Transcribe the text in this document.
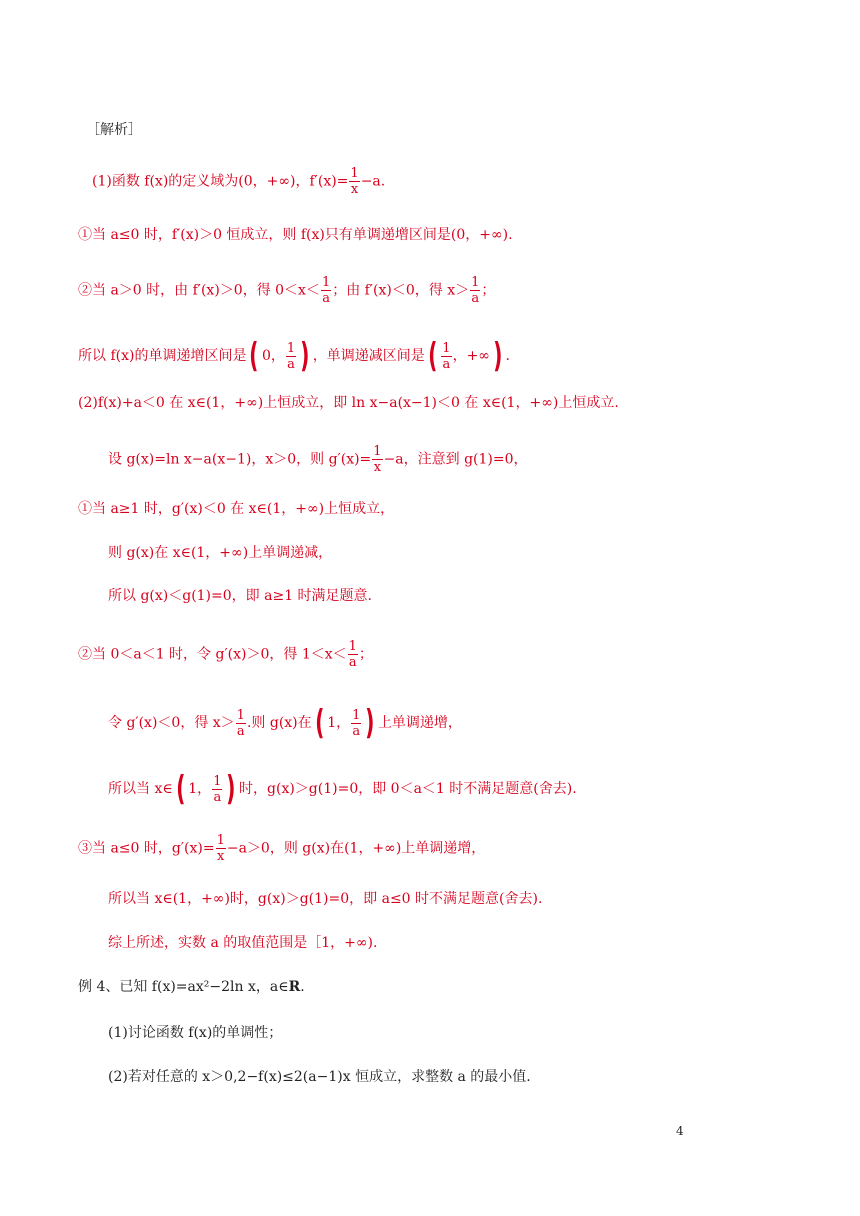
［解析］
(1)函数 f(x)的定义域为(0，+∞)，$f'(x)= \frac{1}{x} -a$.
①当 a≤0 时，f′(x)＞0 恒成立，则 f(x)只有单调递增区间是(0，+∞).
②当 a＞0 时，由 f′(x)＞0，得 $0<x< \frac{1}{a}$ ；由 f′(x)＜0，得 $x> \frac{1}{a}$ ；
所以 f(x)的单调递增区间是( 0， $\frac{1}{a}$ ) ，单调递减区间是( $\frac{1}{a}$ ，+∞) .
(2)f(x)+a＜0 在 x∈(1，+∞)上恒成立，即 ln x−a(x−1)＜0 在 x∈(1，+∞)上恒成立.
设 g(x)=ln x−a(x−1)，x＞0，则 $g'(x)= \frac{1}{x} -a$，注意到 g(1)=0，
①当 a≥1 时，g′(x)＜0 在 x∈(1，+∞)上恒成立，
则 g(x)在 x∈(1，+∞)上单调递减，
所以 g(x)＜g(1)=0，即 a≥1 时满足题意.
②当 0＜a＜1 时，令 g′(x)＞0，得 $1<x< \frac{1}{a}$ ；
令 g′(x)＜0，得 $x> \frac{1}{a}$ .则 g(x)在( 1， $\frac{1}{a}$ ) 上单调递增，
所以当 x∈( 1， $\frac{1}{a}$ ) 时，g(x)＞g(1)=0，即 0＜a＜1 时不满足题意(舍去).
③当 a≤0 时，$g'(x)= \frac{1}{x} -a>0$，则 g(x)在(1，+∞)上单调递增，
所以当 x∈(1，+∞)时，g(x)＞g(1)=0，即 a≤0 时不满足题意(舍去).
综上所述，实数 a 的取值范围是［1，+∞).
例 4、已知 f(x)=ax²−2ln x，a∈R.
(1)讨论函数 f(x)的单调性；
(2)若对任意的 x＞0,2−f(x)≤2(a−1)x 恒成立，求整数 a 的最小值.
4
